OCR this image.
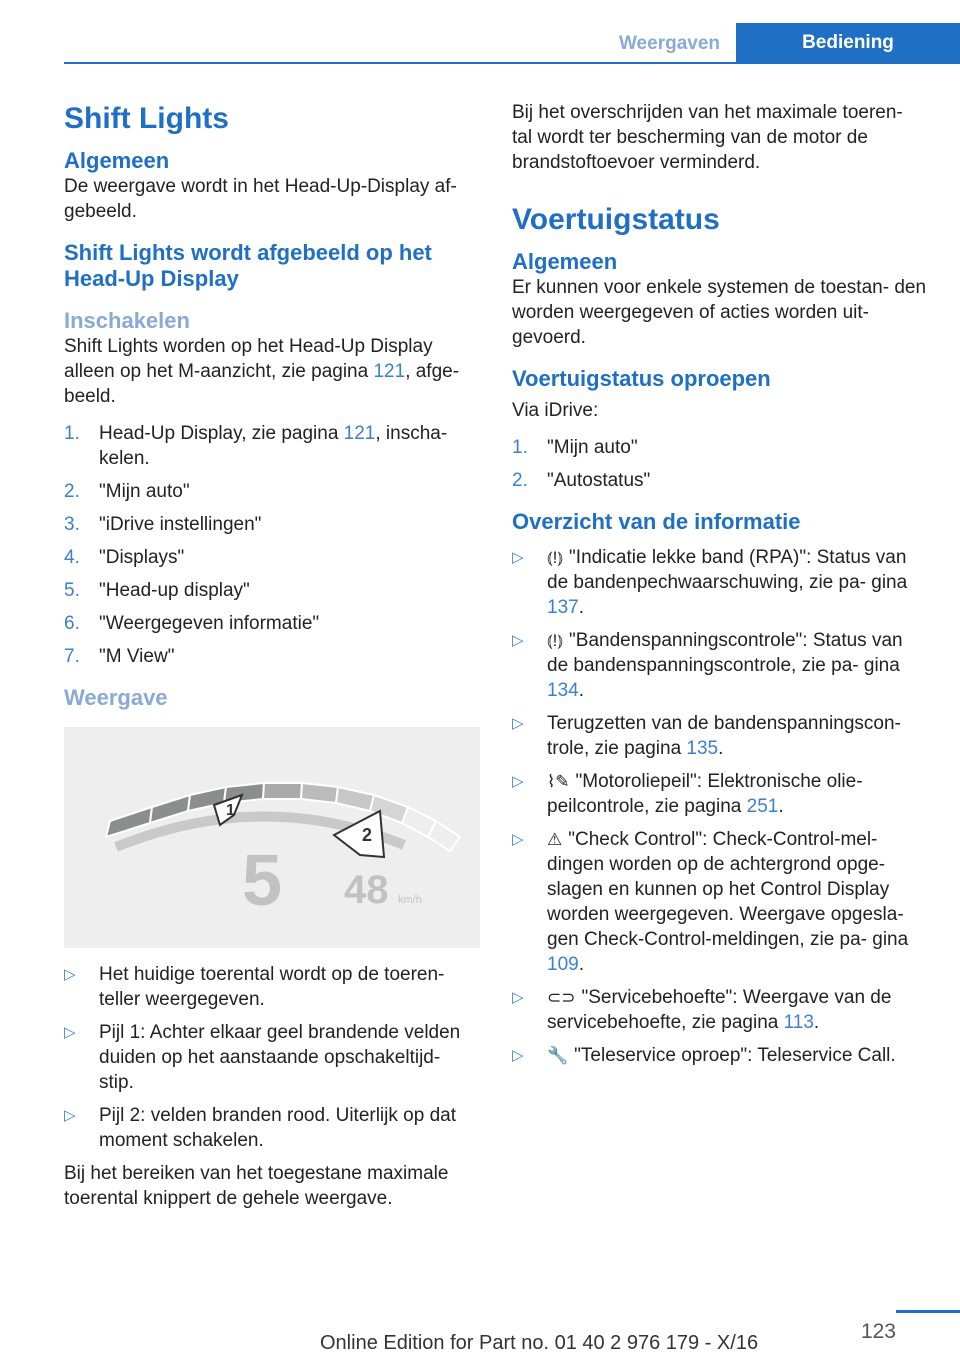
Weergaven	Bediening
Shift Lights
Algemeen

De weergave wordt in het Head-Up-Display af- gebeeld.

Shift Lights wordt afgebeeld op het Head-Up Display
Inschakelen

Shift Lights worden op het Head-Up Display alleen op het M-aanzicht, zie pagina 121, afge- beeld.

1. Head-Up Display, zie pagina 121, inscha- kelen.
2. "Mijn auto"
3. "iDrive instellingen"
4. "Displays"
5. "Head-up display"
6. "Weergegeven informatie"
7. "M View"
Weergave
1
2
5 48 km/h
▷ Het huidige toerental wordt op de toeren- teller weergegeven.
▷ Pijl 1: Achter elkaar geel brandende velden duiden op het aanstaande opschakeltijd- stip.
▷ Pijl 2: velden branden rood. Uiterlijk op dat moment schakelen.

Bij het bereiken van het toegestane maximale toerental knippert de gehele weergave.

Bij het overschrijden van het maximale toeren- tal wordt ter bescherming van de motor de brandstoftoevoer verminderd.

Voertuigstatus
Algemeen

Er kunnen voor enkele systemen de toestan- den worden weergegeven of acties worden uit- gevoerd.

Voertuigstatus oproepen

Via iDrive:

1. "Mijn auto"
2. "Autostatus"
Overzicht van de informatie
▷ ⦅!⦆ "Indicatie lekke band (RPA)": Status van de bandenpechwaarschuwing, zie pa- gina 137.
▷ ⦅!⦆ "Bandenspanningscontrole": Status van de bandenspanningscontrole, zie pa- gina 134.
▷ Terugzetten van de bandenspanningscon- trole, zie pagina 135.
▷ ⌇✎ "Motoroliepeil": Elektronische olie- peilcontrole, zie pagina 251.
▷ ⚠ "Check Control": Check-Control-mel- dingen worden op de achtergrond opge- slagen en kunnen op het Control Display worden weergegeven. Weergave opgesla- gen Check-Control-meldingen, zie pa- gina 109.
▷ ⊂⊃ "Servicebehoefte": Weergave van de servicebehoefte, zie pagina 113.
▷ 🔧 "Teleservice oproep": Teleservice Call.
123
Online Edition for Part no. 01 40 2 976 179 - X/16
